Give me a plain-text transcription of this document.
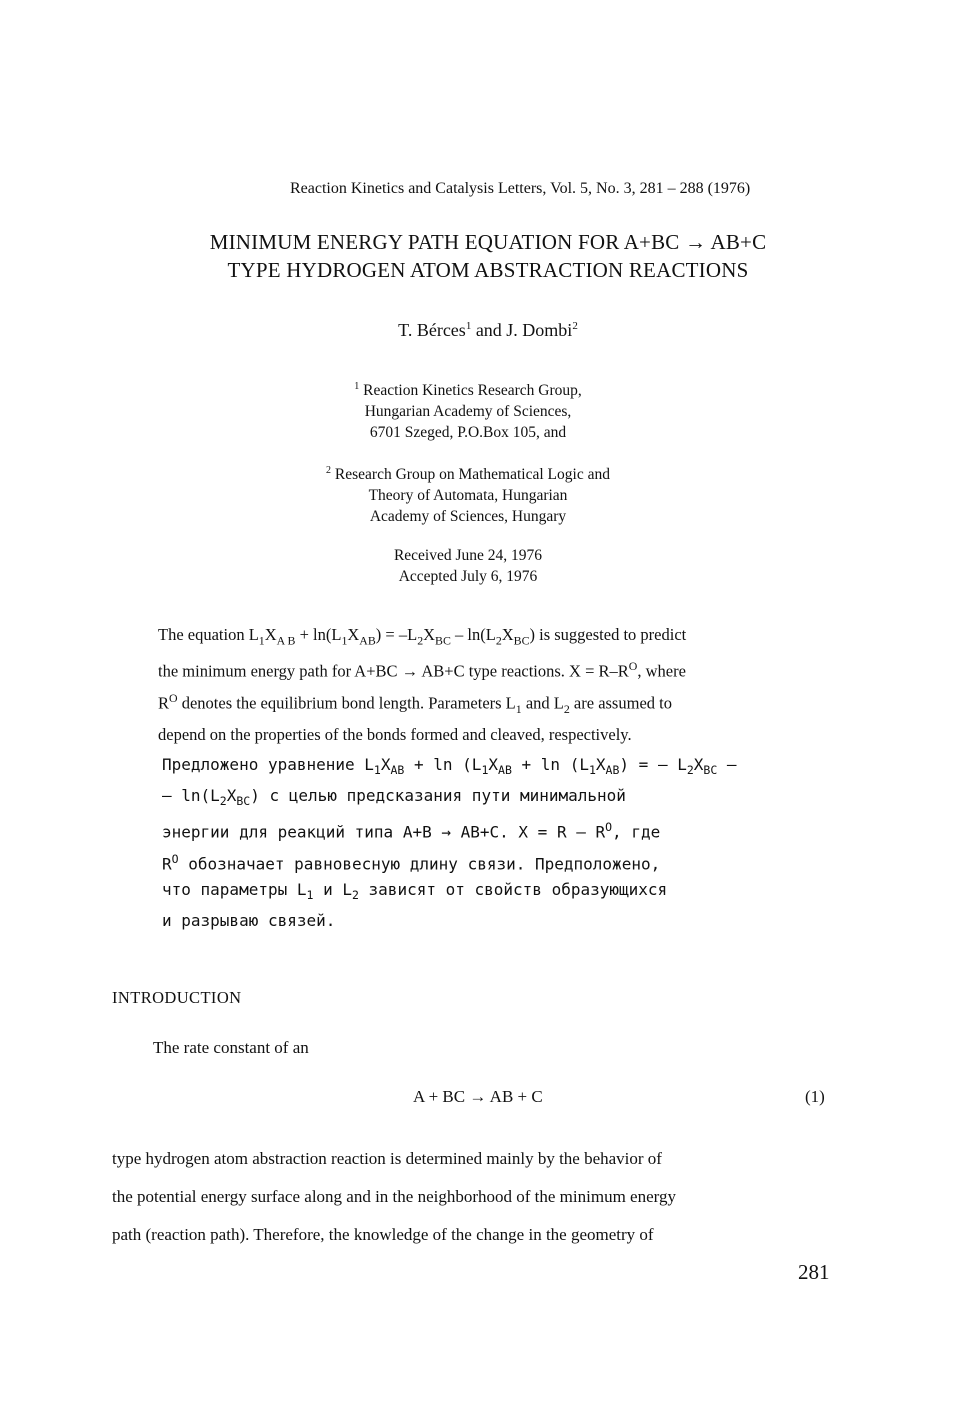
Reaction Kinetics and Catalysis Letters, Vol. 5, No. 3, 281 – 288 (1976)
MINIMUM ENERGY PATH EQUATION FOR A+BC → AB+C
TYPE HYDROGEN ATOM ABSTRACTION REACTIONS
T. Bérces$^1$ and J. Dombi$^2$
$^1$ Reaction Kinetics Research Group,
Hungarian Academy of Sciences,
6701 Szeged, P.O.Box 105, and
$^2$ Research Group on Mathematical Logic and
Theory of Automata, Hungarian
Academy of Sciences, Hungary
Received June 24, 1976
Accepted July 6, 1976
The equation $L_1X_{A B} + \ln(L_1X_{AB}) = -L_2X_{BC} - \ln(L_2X_{BC})$ is suggested to predict
the minimum energy path for A+BC → AB+C type reactions. $X = R-R^O$, where
$R^O$ denotes the equilibrium bond length. Parameters $L_1$ and $L_2$ are assumed to
depend on the properties of the bonds formed and cleaved, respectively.
Предложено уравнение $L_1X_{AB} + \ln (L_1X_{AB} + \ln (L_1X_{AB})$ = – $L_2X_{BC}$ –
– $\ln(L_2X_{BC})$ с целью предсказания пути минимальной
энергии для реакций типа A+B → AB+C. $X = R - R^O$, где
$R^O$ обозначает равновесную длину связи. Предположено,
что параметры $L_1$ и $L_2$ зависят от свойств образующихся
и разрываю связей.
INTRODUCTION
The rate constant of an
A + BC → AB + C	(1)
type hydrogen atom abstraction reaction is determined mainly by the behavior of
the potential energy surface along and in the neighborhood of the minimum energy
path (reaction path). Therefore, the knowledge of the change in the geometry of
281
